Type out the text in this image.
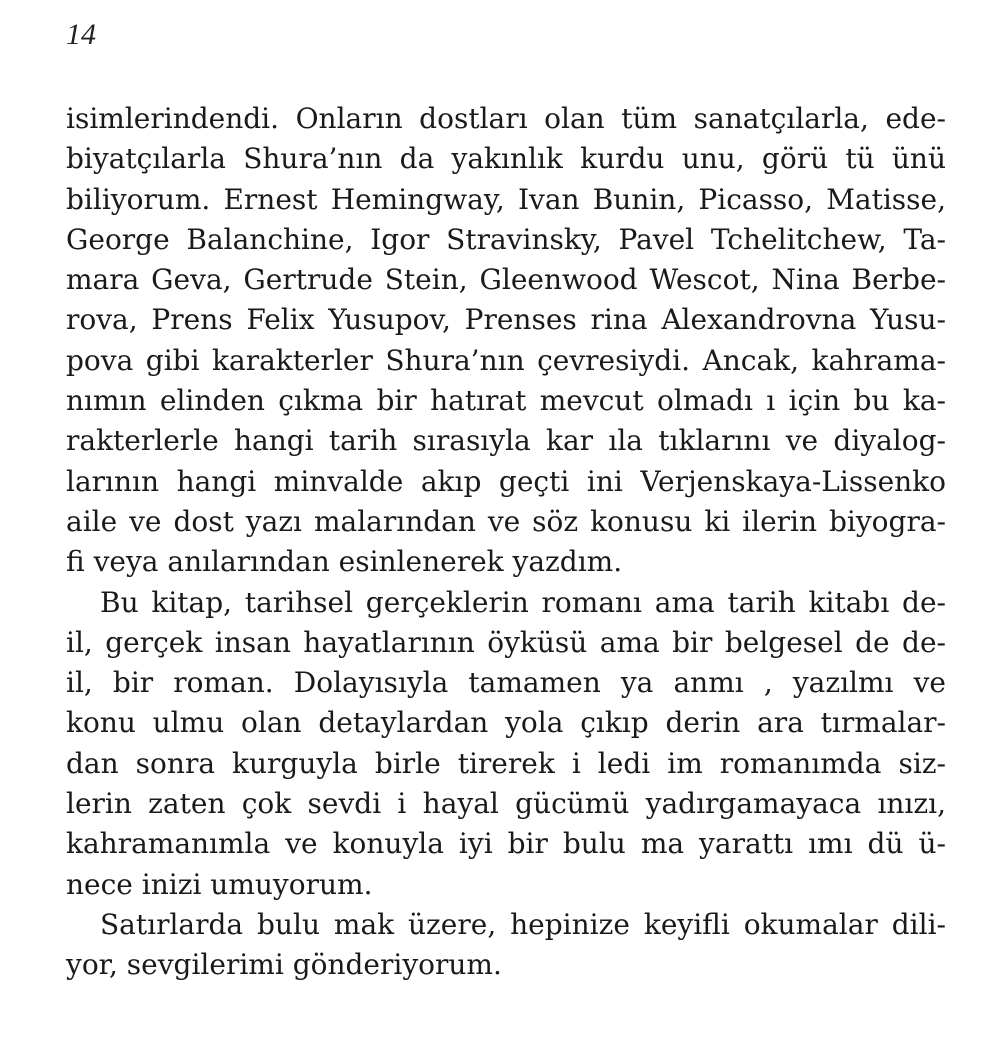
14
isimlerindendi. Onların dostları olan tüm sanatçılarla, ede-
biyatçılarla Shura’nın da yakınlık kurdu unu, görü tü ünü
biliyorum. Ernest Hemingway, Ivan Bunin, Picasso, Matisse,
George Balanchine, Igor Stravinsky, Pavel Tchelitchew, Ta-
mara Geva, Gertrude Stein, Gleenwood Wescot, Nina Berbe-
rova, Prens Felix Yusupov, Prenses rina Alexandrovna Yusu-
pova gibi karakterler Shura’nın çevresiydi. Ancak, kahrama-
nımın elinden çıkma bir hatırat mevcut olmadı ı için bu ka-
rakterlerle hangi tarih sırasıyla kar ıla tıklarını ve diyalog-
larının hangi minvalde akıp geçti ini Verjenskaya-Lissenko
aile ve dost yazı malarından ve söz konusu ki ilerin biyogra-
fi veya anılarından esinlenerek yazdım.
Bu kitap, tarihsel gerçeklerin romanı ama tarih kitabı de-
il, gerçek insan hayatlarının öyküsü ama bir belgesel de de-
il, bir roman. Dolayısıyla tamamen ya anmı , yazılmı ve
konu ulmu olan detaylardan yola çıkıp derin ara tırmalar-
dan sonra kurguyla birle tirerek i ledi im romanımda siz-
lerin zaten çok sevdi i hayal gücümü yadırgamayaca ınızı,
kahramanımla ve konuyla iyi bir bulu ma yarattı ımı dü ü-
nece inizi umuyorum.
Satırlarda bulu mak üzere, hepinize keyifli okumalar dili-
yor, sevgilerimi gönderiyorum.
